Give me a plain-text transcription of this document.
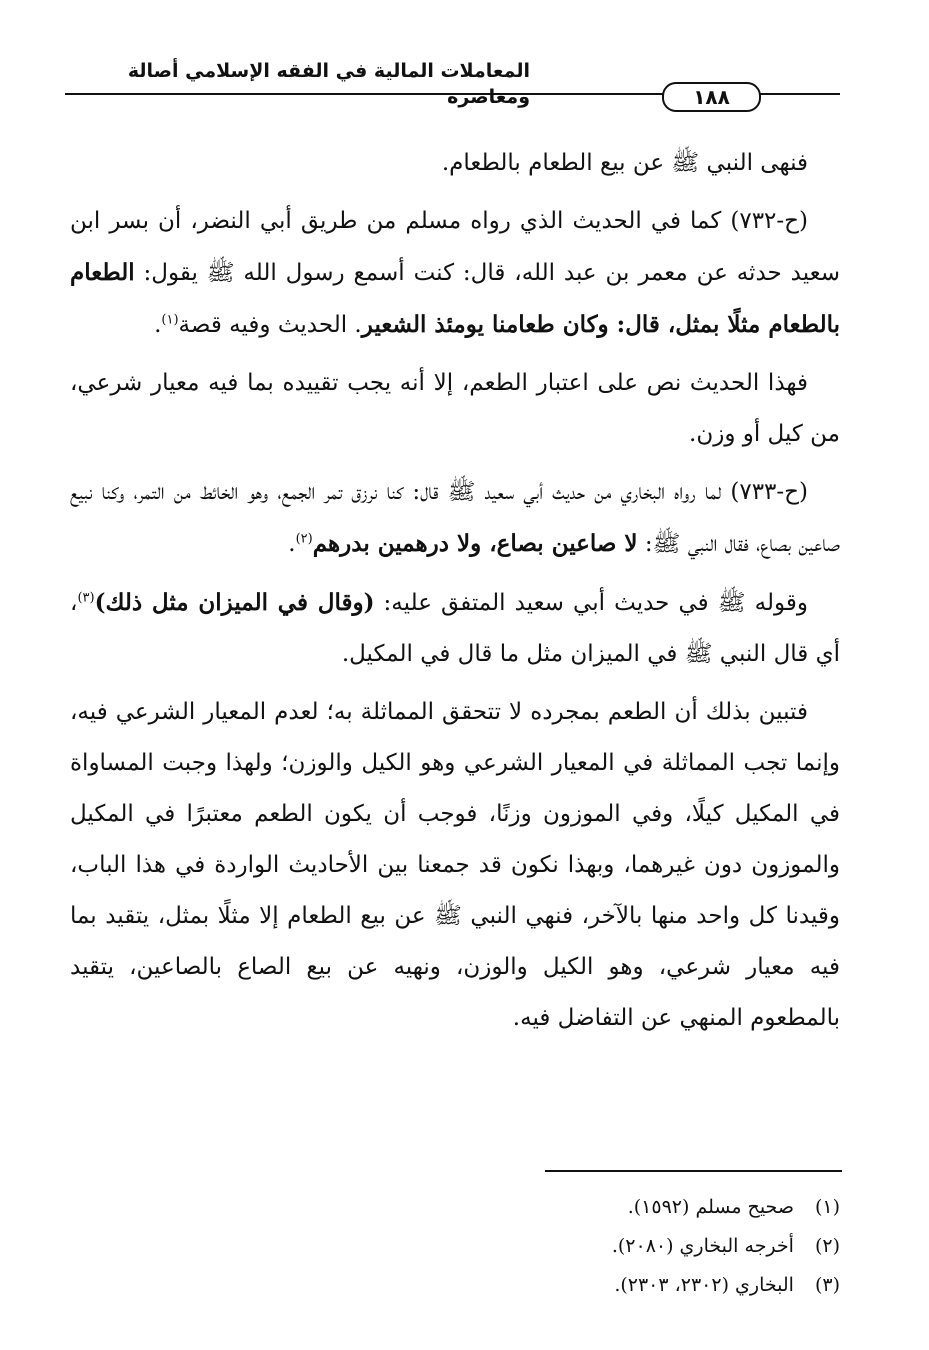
المعاملات المالية في الفقه الإسلامي أصالة ومعاصرة	١٨٨

فنهى النبي ﷺ عن بيع الطعام بالطعام.

(ح-٧٣٢) كما في الحديث الذي رواه مسلم من طريق أبي النضر، أن بسر ابن سعيد حدثه عن معمر بن عبد الله، قال: كنت أسمع رسول الله ﷺ يقول: الطعام بالطعام مثلًا بمثل، قال: وكان طعامنا يومئذ الشعير. الحديث وفيه قصة$^{(١)}$.

فهذا الحديث نص على اعتبار الطعم، إلا أنه يجب تقييده بما فيه معيار شرعي، من كيل أو وزن.

(ح-٧٣٣) لما رواه البخاري من حديث أبي سعيد ﷺ قال: كنا نرزق تمر الجمع، وهو الخائط من التمر، وكنا نبيع صاعين بصاع، فقال النبي ﷺ: لا صاعين بصاع، ولا درهمين بدرهم$^{(٢)}$.

وقوله ﷺ في حديث أبي سعيد المتفق عليه: (وقال في الميزان مثل ذلك)$^{(٣)}$، أي قال النبي ﷺ في الميزان مثل ما قال في المكيل.

فتبين بذلك أن الطعم بمجرده لا تتحقق المماثلة به؛ لعدم المعيار الشرعي فيه، وإنما تجب المماثلة في المعيار الشرعي وهو الكيل والوزن؛ ولهذا وجبت المساواة في المكيل كيلًا، وفي الموزون وزنًا، فوجب أن يكون الطعم معتبرًا في المكيل والموزون دون غيرهما، وبهذا نكون قد جمعنا بين الأحاديث الواردة في هذا الباب، وقيدنا كل واحد منها بالآخر، فنهي النبي ﷺ عن بيع الطعام إلا مثلًا بمثل، يتقيد بما فيه معيار شرعي، وهو الكيل والوزن، ونهيه عن بيع الصاع بالصاعين، يتقيد بالمطعوم المنهي عن التفاضل فيه.

(١) صحيح مسلم (١٥٩٢).
(٢) أخرجه البخاري (٢٠٨٠).
(٣) البخاري (٢٣٠٢، ٢٣٠٣).
